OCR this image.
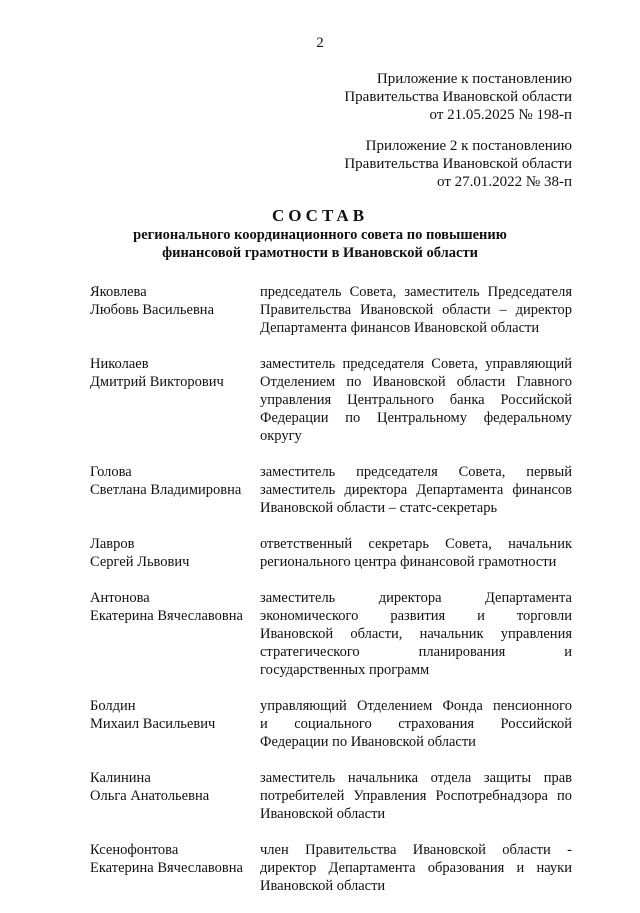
2
Приложение к постановлению
Правительства Ивановской области
от 21.05.2025 № 198-п
Приложение 2 к постановлению
Правительства Ивановской области
от 27.01.2022 № 38-п
СОСТАВ
регионального координационного совета по повышению
финансовой грамотности в Ивановской области
Яковлева
Любовь Васильевна
председатель Совета, заместитель Председателя
Правительства Ивановской области – директор
Департамента финансов Ивановской области
Николаев
Дмитрий Викторович
заместитель председателя Совета, управляющий
Отделением по Ивановской области Главного
управления Центрального банка Российской
Федерации по Центральному федеральному
округу
Голова
Светлана Владимировна
заместитель председателя Совета, первый
заместитель директора Департамента финансов
Ивановской области – статс-секретарь
Лавров
Сергей Львович
ответственный секретарь Совета, начальник
регионального центра финансовой грамотности
Антонова
Екатерина Вячеславовна
заместитель директора Департамента
экономического развития и торговли
Ивановской области, начальник управления
стратегического планирования и
государственных программ
Болдин
Михаил Васильевич
управляющий Отделением Фонда пенсионного
и социального страхования Российской
Федерации по Ивановской области
Калинина
Ольга Анатольевна
заместитель начальника отдела защиты прав
потребителей Управления Роспотребнадзора по
Ивановской области
Ксенофонтова
Екатерина Вячеславовна
член Правительства Ивановской области -
директор Департамента образования и науки
Ивановской области
